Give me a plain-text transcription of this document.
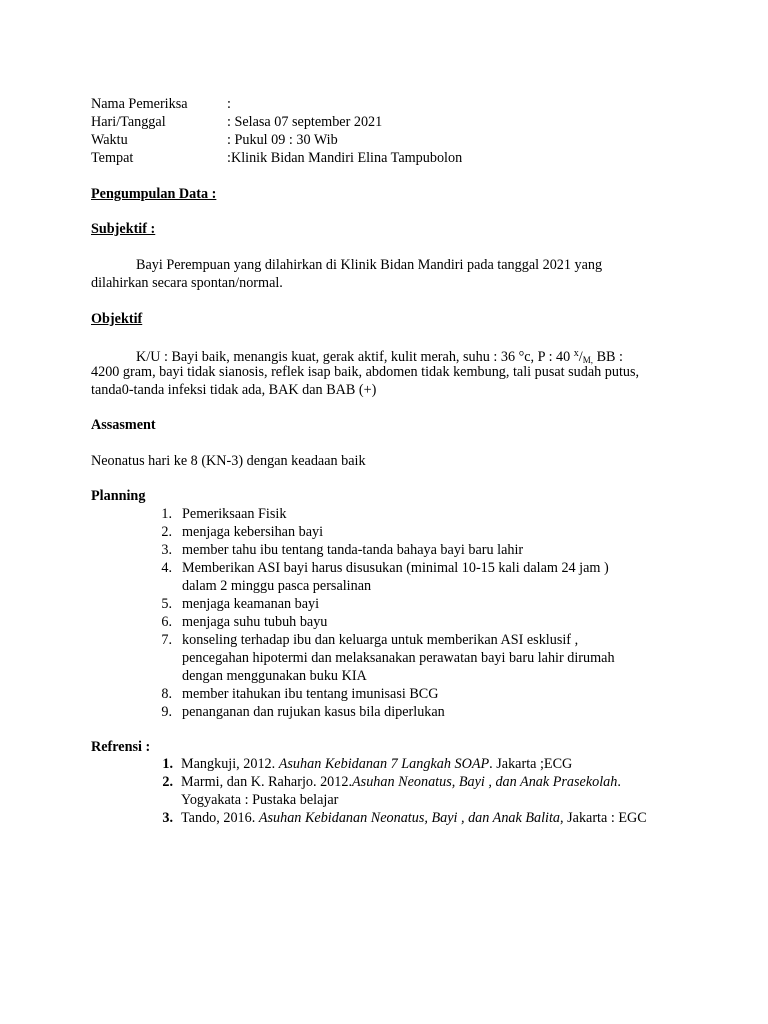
Nama Pemeriksa	:
Hari/Tanggal	: Selasa 07 september 2021
Waktu	: Pukul 09 : 30 Wib
Tempat	:Klinik Bidan Mandiri Elina Tampubolon
Pengumpulan Data :
Subjektif :
Bayi Perempuan yang dilahirkan di Klinik Bidan Mandiri pada tanggal 2021 yang
dilahirkan secara spontan/normal.
Objektif
K/U : Bayi baik, menangis kuat, gerak aktif, kulit merah, suhu : 36 °c, P : 40 $^x/_{M,}$ BB :
4200 gram, bayi tidak sianosis, reflek isap baik, abdomen tidak kembung, tali pusat sudah putus,
tanda0-tanda infeksi tidak ada, BAK dan BAB (+)
Assasment
Neonatus hari ke 8 (KN-3) dengan keadaan baik
Planning
1. Pemeriksaan Fisik
2. menjaga kebersihan bayi
3. member tahu ibu tentang tanda-tanda bahaya bayi baru lahir
4. Memberikan ASI bayi harus disusukan (minimal 10-15 kali dalam 24 jam )
dalam 2 minggu pasca persalinan
5. menjaga keamanan bayi
6. menjaga suhu tubuh bayu
7. konseling terhadap ibu dan keluarga untuk memberikan ASI esklusif ,
pencegahan hipotermi dan melaksanakan perawatan bayi baru lahir dirumah
dengan menggunakan buku KIA
8. member itahukan ibu tentang imunisasi BCG
9. penanganan dan rujukan kasus bila diperlukan
Refrensi :
1. Mangkuji, 2012. Asuhan Kebidanan 7 Langkah SOAP. Jakarta ;ECG
2. Marmi, dan K. Raharjo. 2012.Asuhan Neonatus, Bayi , dan Anak Prasekolah.
Yogyakata : Pustaka belajar
3. Tando, 2016. Asuhan Kebidanan Neonatus, Bayi , dan Anak Balita, Jakarta : EGC
